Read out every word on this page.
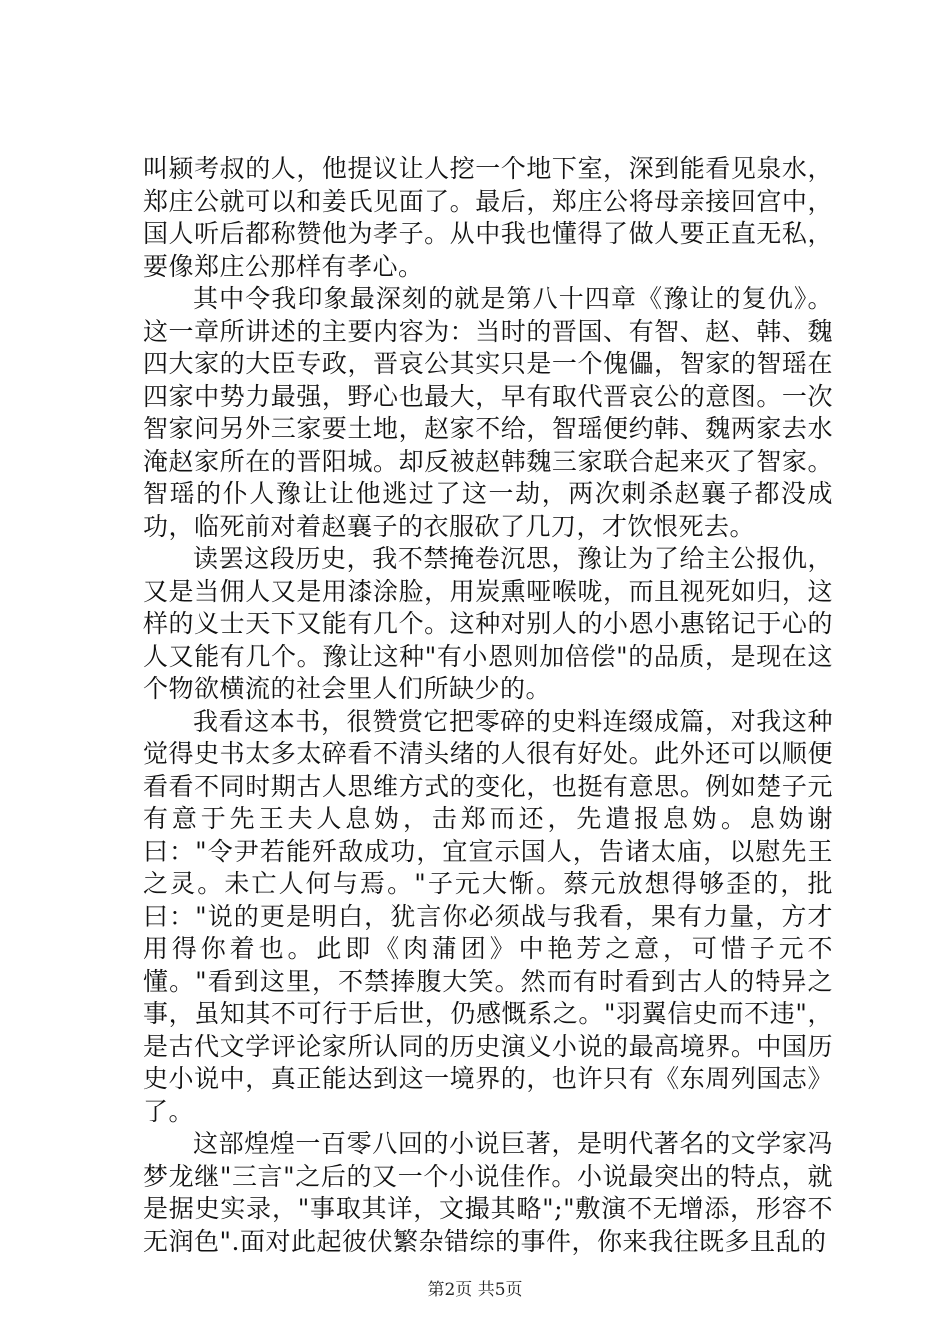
叫颍考叔的人，他提议让人挖一个地下室，深到能看见泉水，郑庄公就可以和姜氏见面了。最后，郑庄公将母亲接回宫中，国人听后都称赞他为孝子。从中我也懂得了做人要正直无私，要像郑庄公那样有孝心。

其中令我印象最深刻的就是第八十四章《豫让的复仇》。这一章所讲述的主要内容为：当时的晋国、有智、赵、韩、魏四大家的大臣专政，晋哀公其实只是一个傀儡，智家的智瑶在四家中势力最强，野心也最大，早有取代晋哀公的意图。一次智家问另外三家要土地，赵家不给，智瑶便约韩、魏两家去水淹赵家所在的晋阳城。却反被赵韩魏三家联合起来灭了智家。智瑶的仆人豫让让他逃过了这一劫，两次刺杀赵襄子都没成功，临死前对着赵襄子的衣服砍了几刀，才饮恨死去。

读罢这段历史，我不禁掩卷沉思，豫让为了给主公报仇，又是当佣人又是用漆涂脸，用炭熏哑喉咙，而且视死如归，这样的义士天下又能有几个。这种对别人的小恩小惠铭记于心的人又能有几个。豫让这种"有小恩则加倍偿"的品质，是现在这个物欲横流的社会里人们所缺少的。

我看这本书，很赞赏它把零碎的史料连缀成篇，对我这种觉得史书太多太碎看不清头绪的人很有好处。此外还可以顺便看看不同时期古人思维方式的变化，也挺有意思。例如楚子元有意于先王夫人息妫，击郑而还，先遣报息妫。息妫谢曰："令尹若能歼敌成功，宜宣示国人，告诸太庙，以慰先王之灵。未亡人何与焉。"子元大惭。蔡元放想得够歪的，批曰："说的更是明白，犹言你必须战与我看，果有力量，方才用得你着也。此即《肉蒲团》中艳芳之意，可惜子元不懂。"看到这里，不禁捧腹大笑。然而有时看到古人的特异之事，虽知其不可行于后世，仍感慨系之。"羽翼信史而不违"，是古代文学评论家所认同的历史演义小说的最高境界。中国历史小说中，真正能达到这一境界的，也许只有《东周列国志》了。

这部煌煌一百零八回的小说巨著，是明代著名的文学家冯梦龙继"三言"之后的又一个小说佳作。小说最突出的特点，就是据史实录，"事取其详，文撮其略";"敷演不无增添，形容不无润色".面对此起彼伏繁杂错综的事件，你来我往既多且乱的

第2页 共5页
